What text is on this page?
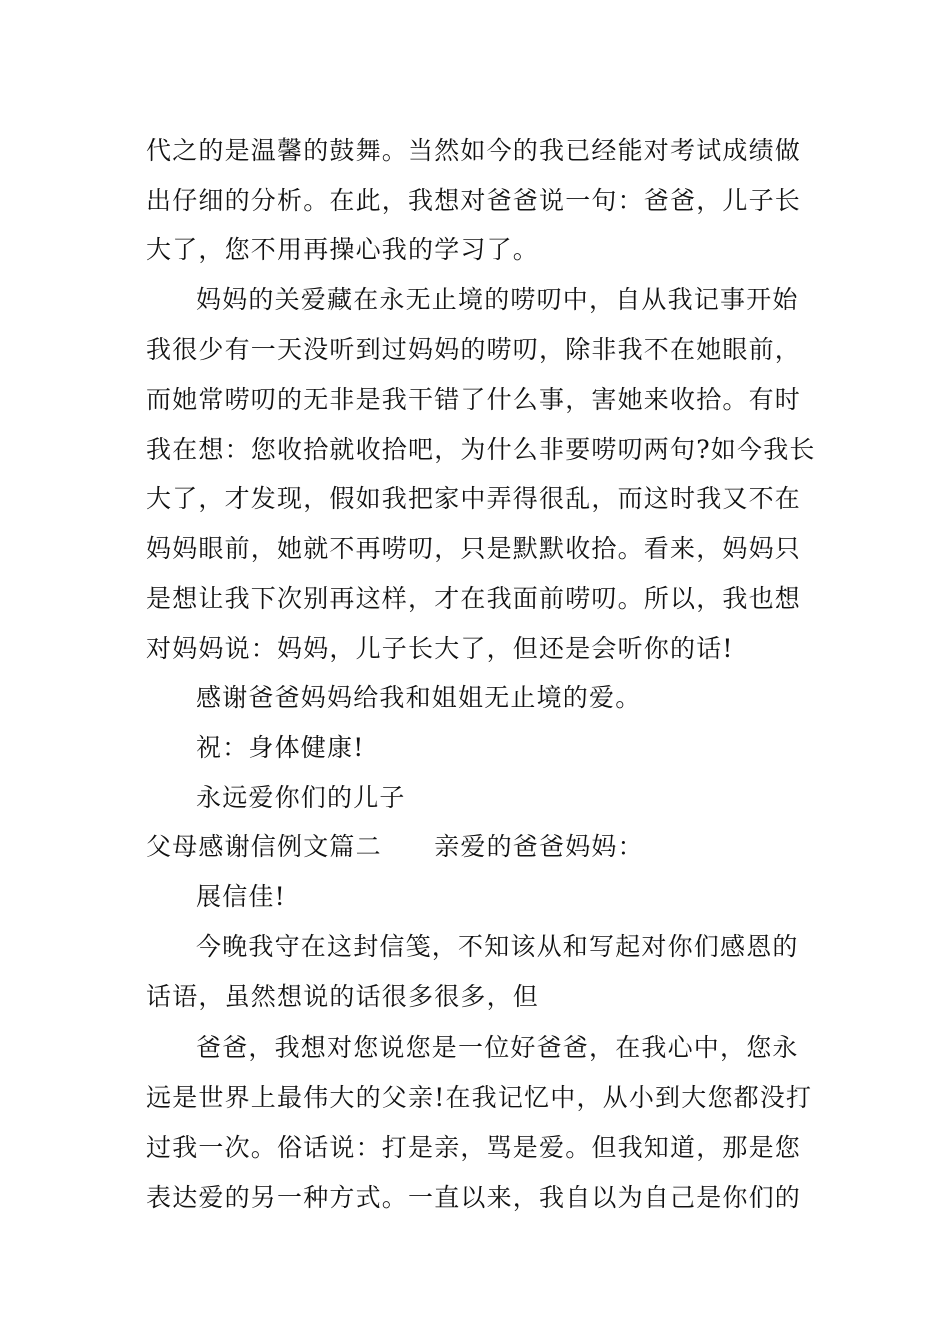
代之的是温馨的鼓舞。当然如今的我已经能对考试成绩做

出仔细的分析。在此，我想对爸爸说一句：爸爸，儿子长

大了，您不用再操心我的学习了。

妈妈的关爱藏在永无止境的唠叨中，自从我记事开始

我很少有一天没听到过妈妈的唠叨，除非我不在她眼前，

而她常唠叨的无非是我干错了什么事，害她来收拾。有时

我在想：您收拾就收拾吧，为什么非要唠叨两句?如今我长

大了，才发现，假如我把家中弄得很乱，而这时我又不在

妈妈眼前，她就不再唠叨，只是默默收拾。看来，妈妈只

是想让我下次别再这样，才在我面前唠叨。所以，我也想

对妈妈说：妈妈，儿子长大了，但还是会听你的话!

感谢爸爸妈妈给我和姐姐无止境的爱。

祝：身体健康!

永远爱你们的儿子

父母感谢信例文篇二　　亲爱的爸爸妈妈：

展信佳!

今晚我守在这封信笺，不知该从和写起对你们感恩的

话语，虽然想说的话很多很多，但

爸爸，我想对您说您是一位好爸爸，在我心中，您永

远是世界上最伟大的父亲!在我记忆中，从小到大您都没打

过我一次。俗话说：打是亲，骂是爱。但我知道，那是您

表达爱的另一种方式。一直以来，我自以为自己是你们的
